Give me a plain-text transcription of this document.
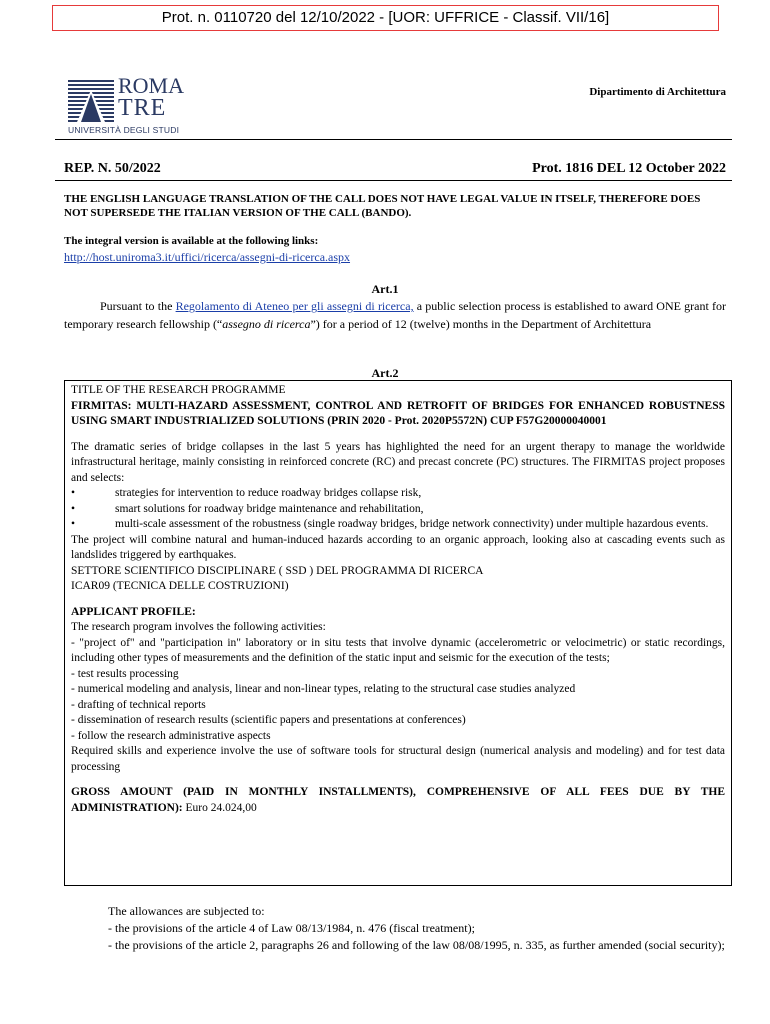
Prot. n. 0110720 del 12/10/2022 - [UOR: UFFRICE - Classif. VII/16]
ROMA
TRE
UNIVERSITÀ DEGLI STUDI
Dipartimento di Architettura
REP. N. 50/2022	Prot. 1816 DEL 12 October 2022
THE ENGLISH LANGUAGE TRANSLATION OF THE CALL DOES NOT HAVE LEGAL VALUE IN ITSELF, THEREFORE DOES NOT SUPERSEDE THE ITALIAN VERSION OF THE CALL (BANDO).
The integral version is available at the following links:
http://host.uniroma3.it/uffici/ricerca/assegni-di-ricerca.aspx
Art.1
Pursuant to the Regolamento di Ateneo per gli assegni di ricerca, a public selection process is established to award ONE grant for temporary research fellowship (“assegno di ricerca”) for a period of 12 (twelve) months in the Department of Architettura
Art.2

TITLE OF THE RESEARCH PROGRAMME

FIRMITAS: MULTI-HAZARD ASSESSMENT, CONTROL AND RETROFIT OF BRIDGES FOR ENHANCED ROBUSTNESS USING SMART INDUSTRIALIZED SOLUTIONS (PRIN 2020 - Prot. 2020P5572N) CUP F57G20000040001

The dramatic series of bridge collapses in the last 5 years has highlighted the need for an urgent therapy to manage the worldwide infrastructural heritage, mainly consisting in reinforced concrete (RC) and precast concrete (PC) structures. The FIRMITAS project proposes and selects:

•	strategies for intervention to reduce roadway bridges collapse risk,
•	smart solutions for roadway bridge maintenance and rehabilitation,
•	multi-scale assessment of the robustness (single roadway bridges, bridge network connectivity) under multiple hazardous events.

The project will combine natural and human-induced hazards according to an organic approach, looking also at cascading events such as landslides triggered by earthquakes.

SETTORE SCIENTIFICO DISCIPLINARE ( SSD ) DEL PROGRAMMA DI RICERCA

ICAR09 (TECNICA DELLE COSTRUZIONI)

APPLICANT PROFILE:

The research program involves the following activities:

- "project of" and "participation in" laboratory or in situ tests that involve dynamic (accelerometric or velocimetric) or static recordings, including other types of measurements and the definition of the static input and seismic for the execution of the tests;

- test results processing

- numerical modeling and analysis, linear and non-linear types, relating to the structural case studies analyzed

- drafting of technical reports

- dissemination of research results (scientific papers and presentations at conferences)

- follow the research administrative aspects

Required skills and experience involve the use of software tools for structural design (numerical analysis and modeling) and for test data processing

GROSS AMOUNT (PAID IN MONTHLY INSTALLMENTS), COMPREHENSIVE OF ALL FEES DUE BY THE ADMINISTRATION): Euro 24.024,00

The allowances are subjected to:
- the provisions of the article 4 of Law 08/13/1984, n. 476 (fiscal treatment);
- the provisions of the article 2, paragraphs 26 and following of the law 08/08/1995, n. 335, as further amended (social security);
